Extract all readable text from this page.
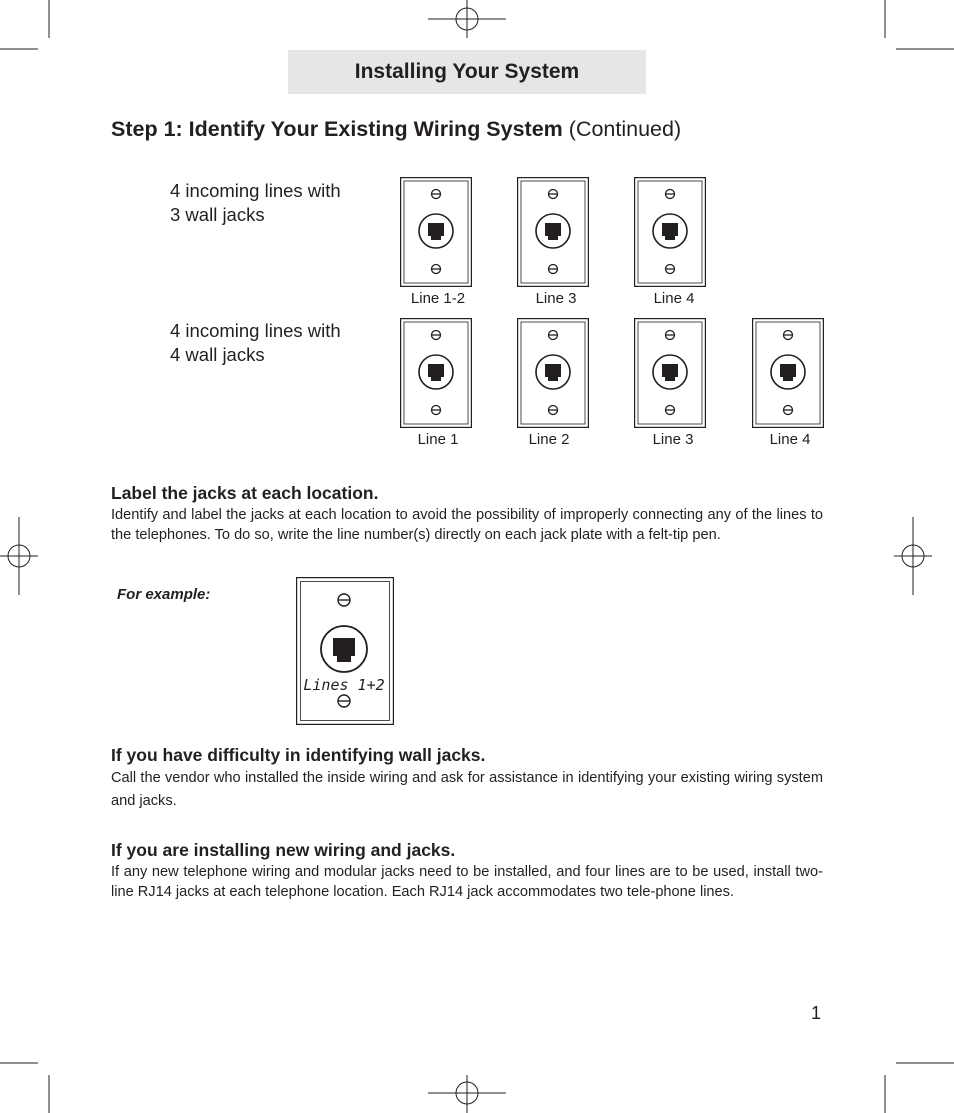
Installing Your System
Step 1: Identify Your Existing Wiring System (Continued)
4 incoming lines with
3 wall jacks
Line 1-2	Line 3	Line 4
4 incoming lines with
4 wall jacks
Line 1	Line 2	Line 3	Line 4
Label the jacks at each location.
Identify and label the jacks at each location to avoid the possibility of improperly connecting any of the lines to the telephones. To do so, write the line number(s) directly on each jack plate with a felt-tip pen.
For example:
Lines 1+2
If you have difficulty in identifying wall jacks.
Call the vendor who installed the inside wiring and ask for assistance in identifying your existing wiring system and jacks.
If you are installing new wiring and jacks.
If any new telephone wiring and modular jacks need to be installed, and four lines are to be used, install two-line RJ14 jacks at each telephone location. Each RJ14 jack accommodates two tele-phone lines.
1
